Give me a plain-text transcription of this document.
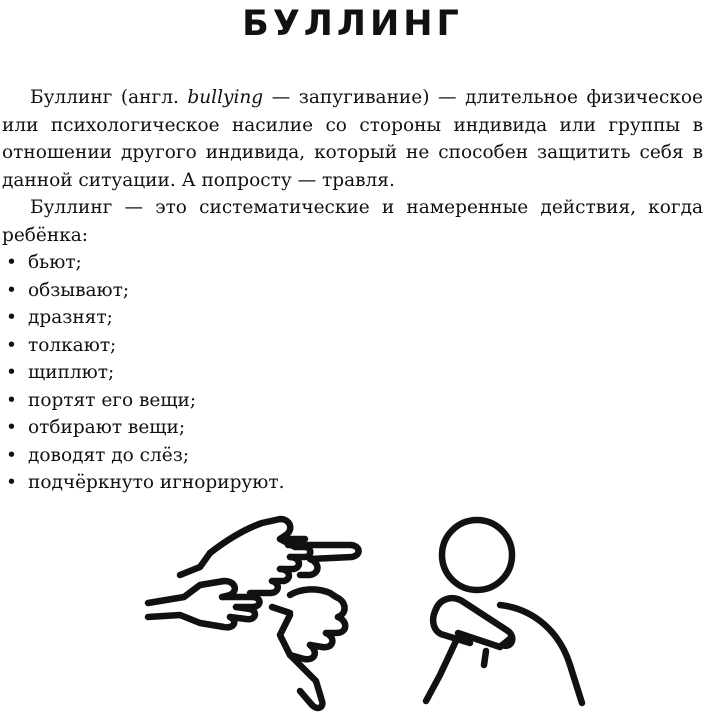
БУЛЛИНГ

Буллинг (англ. bullying — запугивание) — длительное физическое или психологическое насилие со стороны индивида или группы в отношении другого индивида, который не способен защитить себя в данной ситуации. А попросту — травля.

Буллинг — это систематические и намеренные действия, когда ребёнка:

• бьют;
• обзывают;
• дразнят;
• толкают;
• щиплют;
• портят его вещи;
• отбирают вещи;
• доводят до слёз;
• подчёркнуто игнорируют.
